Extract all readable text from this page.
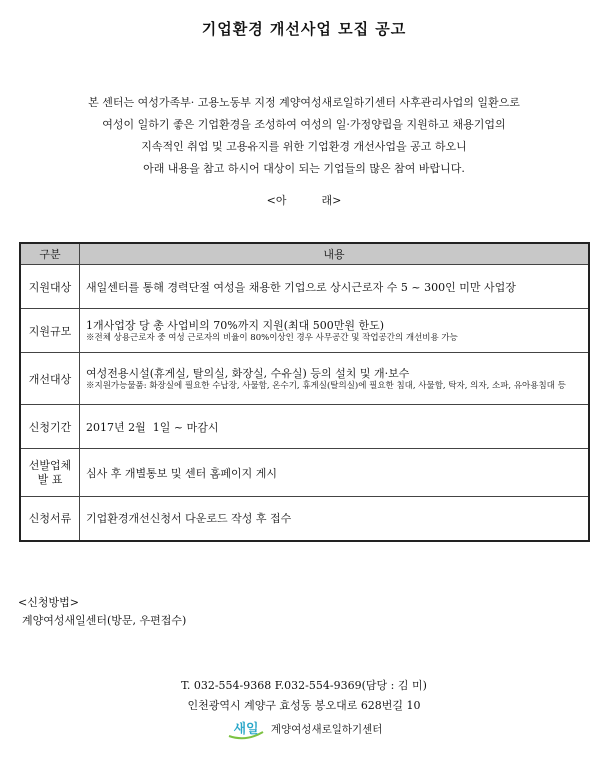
기업환경 개선사업 모집 공고
본 센터는 여성가족부· 고용노동부 지정 계양여성새로일하기센터 사후관리사업의 일환으로
여성이 일하기 좋은 기업환경을 조성하여 여성의 일·가정양립을 지원하고 채용기업의
지속적인 취업 및 고용유지를 위한 기업환경 개선사업을 공고 하오니
아래 내용을 참고 하시어 대상이 되는 기업들의 많은 참여 바랍니다.
<아          래>
구분	내용
지원대상	새일센터를 통해 경력단절 여성을 채용한 기업으로 상시근로자 수 5 ~ 300인 미만 사업장
지원규모	1개사업장 당 총 사업비의 70%까지 지원(최대 500만원 한도)
※전체 상용근로자 중 여성 근로자의 비율이 80%이상인 경우 사무공간 및 작업공간의 개선비용 가능

개선대상	여성전용시설(휴게실, 탈의실, 화장실, 수유실) 등의 설치 및 개·보수
※지원가능물품: 화장실에 필요한 수납장, 사물함, 온수기, 휴게실(탈의실)에 필요한 침대, 사물함, 탁자, 의자, 소파, 유아용침대 등

신청기간	2017년 2월  1일 ~ 마감시
선발업체 발 표	심사 후 개별통보 및 센터 홈페이지 게시
신청서류	기업환경개선신청서 다운로드 작성 후 접수
<신청방법>
계양여성새일센터(방문, 우편접수)
T. 032-554-9368 F.032-554-9369(담당 : 김 미)
인천광역시 계양구 효성동 봉오대로 628번길 10
새일 계양여성새로일하기센터
